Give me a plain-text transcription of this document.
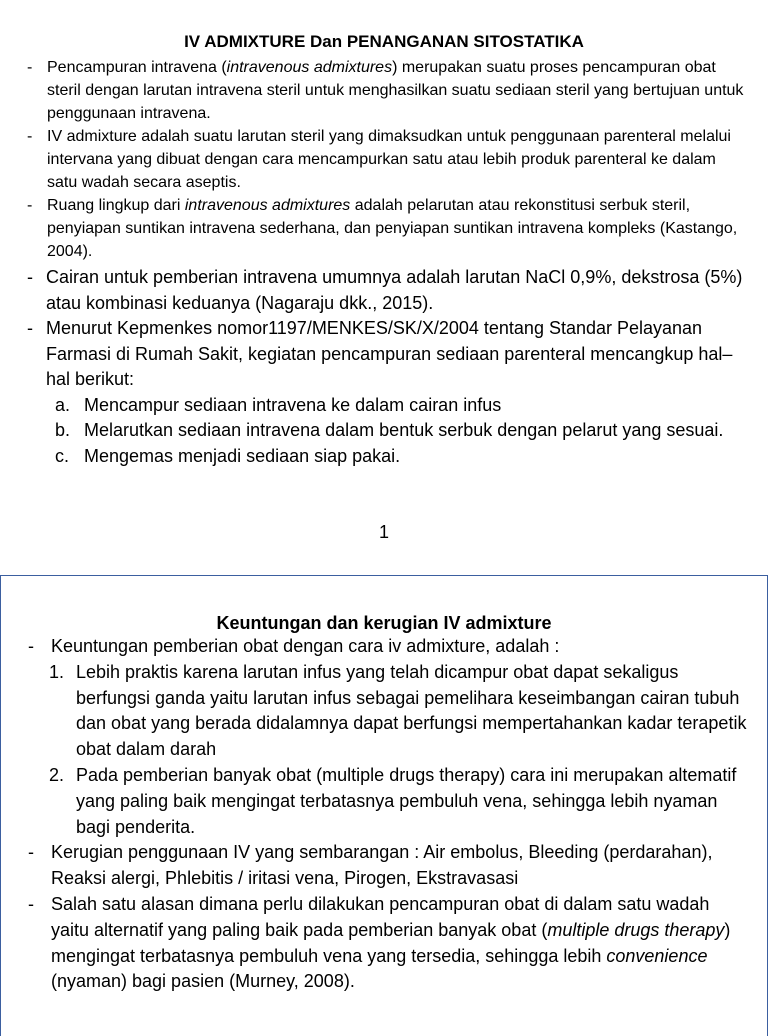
IV ADMIXTURE Dan PENANGANAN SITOSTATIKA
- Pencampuran intravena (intravenous admixtures) merupakan suatu proses pencampuran obat steril dengan larutan intravena steril untuk menghasilkan suatu sediaan steril yang bertujuan untuk penggunaan intravena.
- IV admixture adalah suatu larutan steril yang dimaksudkan untuk penggunaan parenteral melalui intervana yang dibuat dengan cara mencampurkan satu atau lebih produk parenteral ke dalam satu wadah secara aseptis.
- Ruang lingkup dari intravenous admixtures adalah pelarutan atau rekonstitusi serbuk steril, penyiapan suntikan intravena sederhana, dan penyiapan suntikan intravena kompleks (Kastango, 2004).
- Cairan untuk pemberian intravena umumnya adalah larutan NaCl 0,9%, dekstrosa (5%) atau kombinasi keduanya (Nagaraju dkk., 2015).
- Menurut Kepmenkes nomor1197/MENKES/SK/X/2004 tentang Standar Pelayanan Farmasi di Rumah Sakit, kegiatan pencampuran sediaan parenteral mencangkup hal–hal berikut:
a. Mencampur sediaan intravena ke dalam cairan infus
b. Melarutkan sediaan intravena dalam bentuk serbuk dengan pelarut yang sesuai.
c. Mengemas menjadi sediaan siap pakai.
1
Keuntungan dan kerugian IV admixture
- Keuntungan pemberian obat dengan cara iv admixture, adalah :
1. Lebih praktis karena larutan infus yang telah dicampur obat dapat sekaligus berfungsi ganda yaitu larutan infus sebagai pemelihara keseimbangan cairan tubuh dan obat yang berada didalamnya dapat berfungsi mempertahankan kadar terapetik obat dalam darah
2. Pada pemberian banyak obat (multiple drugs therapy) cara ini merupakan altematif yang paling baik mengingat terbatasnya pembuluh vena, sehingga lebih nyaman bagi penderita.
- Kerugian penggunaan IV yang sembarangan : Air embolus, Bleeding (perdarahan), Reaksi alergi, Phlebitis / iritasi vena, Pirogen, Ekstravasasi
- Salah satu alasan dimana perlu dilakukan pencampuran obat di dalam satu wadah yaitu alternatif yang paling baik pada pemberian banyak obat (multiple drugs therapy) mengingat terbatasnya pembuluh vena yang tersedia, sehingga lebih convenience (nyaman) bagi pasien (Murney, 2008).
